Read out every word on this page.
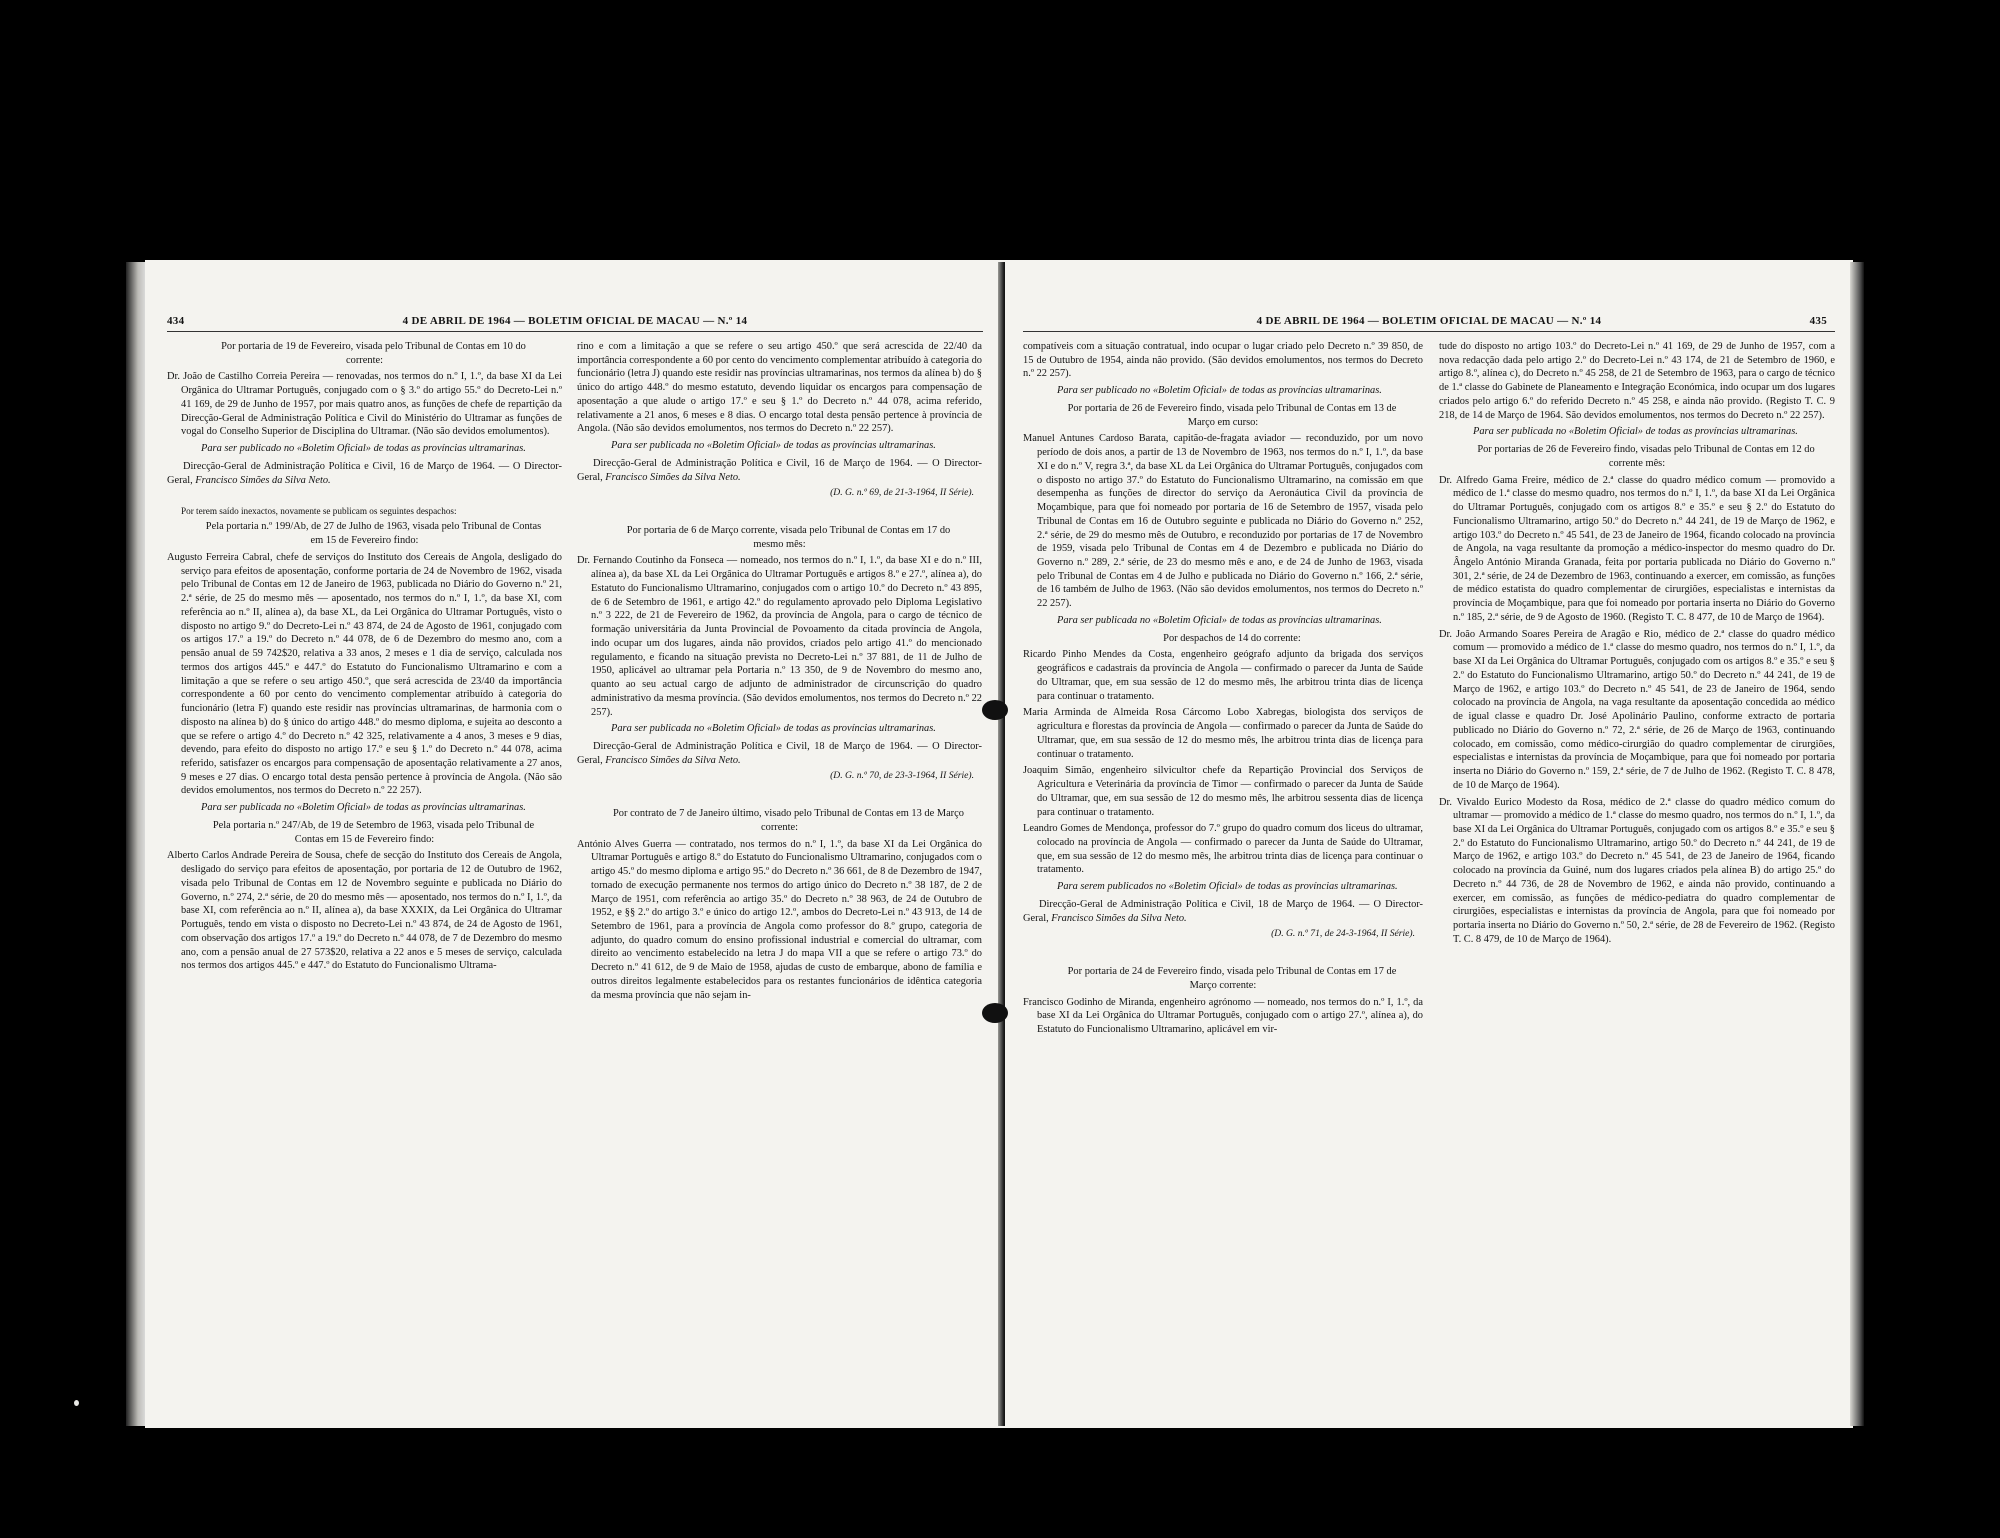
434	4 DE ABRIL DE 1964 — BOLETIM OFICIAL DE MACAU — N.º 14

Por portaria de 19 de Fevereiro, visada pelo Tribunal de Contas em 10 do corrente:

Dr. João de Castilho Correia Pereira — renovadas, nos termos do n.º I, 1.º, da base XI da Lei Orgânica do Ultramar Português, conjugado com o § 3.º do artigo 55.º do Decreto-Lei n.º 41 169, de 29 de Junho de 1957, por mais quatro anos, as funções de chefe de repartição da Direcção-Geral de Administração Política e Civil do Ministério do Ultramar as funções de vogal do Conselho Superior de Disciplina do Ultramar. (Não são devidos emolumentos).

Para ser publicado no «Boletim Oficial» de todas as províncias ultramarinas.

Direcção-Geral de Administração Política e Civil, 16 de Março de 1964. — O Director-Geral, Francisco Simões da Silva Neto.

Por terem saído inexactos, novamente se publicam os seguintes despachos:

Pela portaria n.º 199/Ab, de 27 de Julho de 1963, visada pelo Tribunal de Contas em 15 de Fevereiro findo:

Augusto Ferreira Cabral, chefe de serviços do Instituto dos Cereais de Angola, desligado do serviço para efeitos de aposentação, conforme portaria de 24 de Novembro de 1962, visada pelo Tribunal de Contas em 12 de Janeiro de 1963, publicada no Diário do Governo n.º 21, 2.ª série, de 25 do mesmo mês — aposentado, nos termos do n.º I, 1.º, da base XI, com referência ao n.º II, alínea a), da base XL, da Lei Orgânica do Ultramar Português, visto o disposto no artigo 9.º do Decreto-Lei n.º 43 874, de 24 de Agosto de 1961, conjugado com os artigos 17.º a 19.º do Decreto n.º 44 078, de 6 de Dezembro do mesmo ano, com a pensão anual de 59 742$20, relativa a 33 anos, 2 meses e 1 dia de serviço, calculada nos termos dos artigos 445.º e 447.º do Estatuto do Funcionalismo Ultramarino e com a limitação a que se refere o seu artigo 450.º, que será acrescida de 23/40 da importância correspondente a 60 por cento do vencimento complementar atribuído à categoria do funcionário (letra F) quando este residir nas províncias ultramarinas, de harmonia com o disposto na alínea b) do § único do artigo 448.º do mesmo diploma, e sujeita ao desconto a que se refere o artigo 4.º do Decreto n.º 42 325, relativamente a 4 anos, 3 meses e 9 dias, devendo, para efeito do disposto no artigo 17.º e seu § 1.º do Decreto n.º 44 078, acima referido, satisfazer os encargos para compensação de aposentação relativamente a 27 anos, 9 meses e 27 dias. O encargo total desta pensão pertence à província de Angola. (Não são devidos emolumentos, nos termos do Decreto n.º 22 257).

Para ser publicada no «Boletim Oficial» de todas as províncias ultramarinas.

Pela portaria n.º 247/Ab, de 19 de Setembro de 1963, visada pelo Tribunal de Contas em 15 de Fevereiro findo:

Alberto Carlos Andrade Pereira de Sousa, chefe de secção do Instituto dos Cereais de Angola, desligado do serviço para efeitos de aposentação, por portaria de 12 de Outubro de 1962, visada pelo Tribunal de Contas em 12 de Novembro seguinte e publicada no Diário do Governo, n.º 274, 2.ª série, de 20 do mesmo mês — aposentado, nos termos do n.º I, 1.º, da base XI, com referência ao n.º II, alínea a), da base XXXIX, da Lei Orgânica do Ultramar Português, tendo em vista o disposto no Decreto-Lei n.º 43 874, de 24 de Agosto de 1961, com observação dos artigos 17.º a 19.º do Decreto n.º 44 078, de 7 de Dezembro do mesmo ano, com a pensão anual de 27 573$20, relativa a 22 anos e 5 meses de serviço, calculada nos termos dos artigos 445.º e 447.º do Estatuto do Funcionalismo Ultrama-

rino e com a limitação a que se refere o seu artigo 450.º que será acrescida de 22/40 da importância correspondente a 60 por cento do vencimento complementar atribuído à categoria do funcionário (letra J) quando este residir nas províncias ultramarinas, nos termos da alínea b) do § único do artigo 448.º do mesmo estatuto, devendo liquidar os encargos para compensação de aposentação a que alude o artigo 17.º e seu § 1.º do Decreto n.º 44 078, acima referido, relativamente a 21 anos, 6 meses e 8 dias. O encargo total desta pensão pertence à província de Angola. (Não são devidos emolumentos, nos termos do Decreto n.º 22 257).

Para ser publicada no «Boletim Oficial» de todas as províncias ultramarinas.

Direcção-Geral de Administração Política e Civil, 16 de Março de 1964. — O Director-Geral, Francisco Simões da Silva Neto.

(D. G. n.º 69, de 21-3-1964, II Série).

Por portaria de 6 de Março corrente, visada pelo Tribunal de Contas em 17 do mesmo mês:

Dr. Fernando Coutinho da Fonseca — nomeado, nos termos do n.º I, 1.º, da base XI e do n.º III, alínea a), da base XL da Lei Orgânica do Ultramar Português e artigos 8.º e 27.º, alínea a), do Estatuto do Funcionalismo Ultramarino, conjugados com o artigo 10.º do Decreto n.º 43 895, de 6 de Setembro de 1961, e artigo 42.º do regulamento aprovado pelo Diploma Legislativo n.º 3 222, de 21 de Fevereiro de 1962, da província de Angola, para o cargo de técnico de formação universitária da Junta Provincial de Povoamento da citada província de Angola, indo ocupar um dos lugares, ainda não providos, criados pelo artigo 41.º do mencionado regulamento, e ficando na situação prevista no Decreto-Lei n.º 37 881, de 11 de Julho de 1950, aplicável ao ultramar pela Portaria n.º 13 350, de 9 de Novembro do mesmo ano, quanto ao seu actual cargo de adjunto de administrador de circunscrição do quadro administrativo da mesma província. (São devidos emolumentos, nos termos do Decreto n.º 22 257).

Para ser publicada no «Boletim Oficial» de todas as províncias ultramarinas.

Direcção-Geral de Administração Política e Civil, 18 de Março de 1964. — O Director-Geral, Francisco Simões da Silva Neto.

(D. G. n.º 70, de 23-3-1964, II Série).

Por contrato de 7 de Janeiro último, visado pelo Tribunal de Contas em 13 de Março corrente:

António Alves Guerra — contratado, nos termos do n.º I, 1.º, da base XI da Lei Orgânica do Ultramar Português e artigo 8.º do Estatuto do Funcionalismo Ultramarino, conjugados com o artigo 45.º do mesmo diploma e artigo 95.º do Decreto n.º 36 661, de 8 de Dezembro de 1947, tornado de execução permanente nos termos do artigo único do Decreto n.º 38 187, de 2 de Março de 1951, com referência ao artigo 35.º do Decreto n.º 38 963, de 24 de Outubro de 1952, e §§ 2.º do artigo 3.º e único do artigo 12.º, ambos do Decreto-Lei n.º 43 913, de 14 de Setembro de 1961, para a província de Angola como professor do 8.º grupo, categoria de adjunto, do quadro comum do ensino profissional industrial e comercial do ultramar, com direito ao vencimento estabelecido na letra J do mapa VII a que se refere o artigo 73.º do Decreto n.º 41 612, de 9 de Maio de 1958, ajudas de custo de embarque, abono de família e outros direitos legalmente estabelecidos para os restantes funcionários de idêntica categoria da mesma província que não sejam in-

4 DE ABRIL DE 1964 — BOLETIM OFICIAL DE MACAU — N.º 14	435

compatíveis com a situação contratual, indo ocupar o lugar criado pelo Decreto n.º 39 850, de 15 de Outubro de 1954, ainda não provido. (São devidos emolumentos, nos termos do Decreto n.º 22 257).

Para ser publicado no «Boletim Oficial» de todas as províncias ultramarinas.

Por portaria de 26 de Fevereiro findo, visada pelo Tribunal de Contas em 13 de Março em curso:

Manuel Antunes Cardoso Barata, capitão-de-fragata aviador — reconduzido, por um novo período de dois anos, a partir de 13 de Novembro de 1963, nos termos do n.º I, 1.º, da base XI e do n.º V, regra 3.ª, da base XL da Lei Orgânica do Ultramar Português, conjugados com o disposto no artigo 37.º do Estatuto do Funcionalismo Ultramarino, na comissão em que desempenha as funções de director do serviço da Aeronáutica Civil da província de Moçambique, para que foi nomeado por portaria de 16 de Setembro de 1957, visada pelo Tribunal de Contas em 16 de Outubro seguinte e publicada no Diário do Governo n.º 252, 2.ª série, de 29 do mesmo mês de Outubro, e reconduzido por portarias de 17 de Novembro de 1959, visada pelo Tribunal de Contas em 4 de Dezembro e publicada no Diário do Governo n.º 289, 2.ª série, de 23 do mesmo mês e ano, e de 24 de Junho de 1963, visada pelo Tribunal de Contas em 4 de Julho e publicada no Diário do Governo n.º 166, 2.ª série, de 16 também de Julho de 1963. (Não são devidos emolumentos, nos termos do Decreto n.º 22 257).

Para ser publicada no «Boletim Oficial» de todas as províncias ultramarinas.

Por despachos de 14 do corrente:

Ricardo Pinho Mendes da Costa, engenheiro geógrafo adjunto da brigada dos serviços geográficos e cadastrais da província de Angola — confirmado o parecer da Junta de Saúde do Ultramar, que, em sua sessão de 12 do mesmo mês, lhe arbitrou trinta dias de licença para continuar o tratamento.

Maria Arminda de Almeida Rosa Cárcomo Lobo Xabregas, biologista dos serviços de agricultura e florestas da província de Angola — confirmado o parecer da Junta de Saúde do Ultramar, que, em sua sessão de 12 do mesmo mês, lhe arbitrou trinta dias de licença para continuar o tratamento.

Joaquim Simão, engenheiro silvicultor chefe da Repartição Provincial dos Serviços de Agricultura e Veterinária da província de Timor — confirmado o parecer da Junta de Saúde do Ultramar, que, em sua sessão de 12 do mesmo mês, lhe arbitrou sessenta dias de licença para continuar o tratamento.

Leandro Gomes de Mendonça, professor do 7.º grupo do quadro comum dos liceus do ultramar, colocado na província de Angola — confirmado o parecer da Junta de Saúde do Ultramar, que, em sua sessão de 12 do mesmo mês, lhe arbitrou trinta dias de licença para continuar o tratamento.

Para serem publicados no «Boletim Oficial» de todas as províncias ultramarinas.

Direcção-Geral de Administração Política e Civil, 18 de Março de 1964. — O Director-Geral, Francisco Simões da Silva Neto.

(D. G. n.º 71, de 24-3-1964, II Série).

Por portaria de 24 de Fevereiro findo, visada pelo Tribunal de Contas em 17 de Março corrente:

Francisco Godinho de Miranda, engenheiro agrónomo — nomeado, nos termos do n.º I, 1.º, da base XI da Lei Orgânica do Ultramar Português, conjugado com o artigo 27.º, alínea a), do Estatuto do Funcionalismo Ultramarino, aplicável em vir-

tude do disposto no artigo 103.º do Decreto-Lei n.º 41 169, de 29 de Junho de 1957, com a nova redacção dada pelo artigo 2.º do Decreto-Lei n.º 43 174, de 21 de Setembro de 1960, e artigo 8.º, alínea c), do Decreto n.º 45 258, de 21 de Setembro de 1963, para o cargo de técnico de 1.ª classe do Gabinete de Planeamento e Integração Económica, indo ocupar um dos lugares criados pelo artigo 6.º do referido Decreto n.º 45 258, e ainda não provido. (Registo T. C. 9 218, de 14 de Março de 1964. São devidos emolumentos, nos termos do Decreto n.º 22 257).

Para ser publicada no «Boletim Oficial» de todas as províncias ultramarinas.

Por portarias de 26 de Fevereiro findo, visadas pelo Tribunal de Contas em 12 do corrente mês:

Dr. Alfredo Gama Freire, médico de 2.ª classe do quadro médico comum — promovido a médico de 1.ª classe do mesmo quadro, nos termos do n.º I, 1.º, da base XI da Lei Orgânica do Ultramar Português, conjugado com os artigos 8.º e 35.º e seu § 2.º do Estatuto do Funcionalismo Ultramarino, artigo 50.º do Decreto n.º 44 241, de 19 de Março de 1962, e artigo 103.º do Decreto n.º 45 541, de 23 de Janeiro de 1964, ficando colocado na província de Angola, na vaga resultante da promoção a médico-inspector do mesmo quadro do Dr. Ângelo António Miranda Granada, feita por portaria publicada no Diário do Governo n.º 301, 2.ª série, de 24 de Dezembro de 1963, continuando a exercer, em comissão, as funções de médico estatista do quadro complementar de cirurgiões, especialistas e internistas da província de Moçambique, para que foi nomeado por portaria inserta no Diário do Governo n.º 185, 2.ª série, de 9 de Agosto de 1960. (Registo T. C. 8 477, de 10 de Março de 1964).

Dr. João Armando Soares Pereira de Aragão e Rio, médico de 2.ª classe do quadro médico comum — promovido a médico de 1.ª classe do mesmo quadro, nos termos do n.º I, 1.º, da base XI da Lei Orgânica do Ultramar Português, conjugado com os artigos 8.º e 35.º e seu § 2.º do Estatuto do Funcionalismo Ultramarino, artigo 50.º do Decreto n.º 44 241, de 19 de Março de 1962, e artigo 103.º do Decreto n.º 45 541, de 23 de Janeiro de 1964, sendo colocado na província de Angola, na vaga resultante da aposentação concedida ao médico de igual classe e quadro Dr. José Apolinário Paulino, conforme extracto de portaria publicado no Diário do Governo n.º 72, 2.ª série, de 26 de Março de 1963, continuando colocado, em comissão, como médico-cirurgião do quadro complementar de cirurgiões, especialistas e internistas da província de Moçambique, para que foi nomeado por portaria inserta no Diário do Governo n.º 159, 2.ª série, de 7 de Julho de 1962. (Registo T. C. 8 478, de 10 de Março de 1964).

Dr. Vivaldo Eurico Modesto da Rosa, médico de 2.ª classe do quadro médico comum do ultramar — promovido a médico de 1.ª classe do mesmo quadro, nos termos do n.º I, 1.º, da base XI da Lei Orgânica do Ultramar Português, conjugado com os artigos 8.º e 35.º e seu § 2.º do Estatuto do Funcionalismo Ultramarino, artigo 50.º do Decreto n.º 44 241, de 19 de Março de 1962, e artigo 103.º do Decreto n.º 45 541, de 23 de Janeiro de 1964, ficando colocado na província da Guiné, num dos lugares criados pela alínea B) do artigo 25.º do Decreto n.º 44 736, de 28 de Novembro de 1962, e ainda não provido, continuando a exercer, em comissão, as funções de médico-pediatra do quadro complementar de cirurgiões, especialistas e internistas da província de Angola, para que foi nomeado por portaria inserta no Diário do Governo n.º 50, 2.ª série, de 28 de Fevereiro de 1962. (Registo T. C. 8 479, de 10 de Março de 1964).
